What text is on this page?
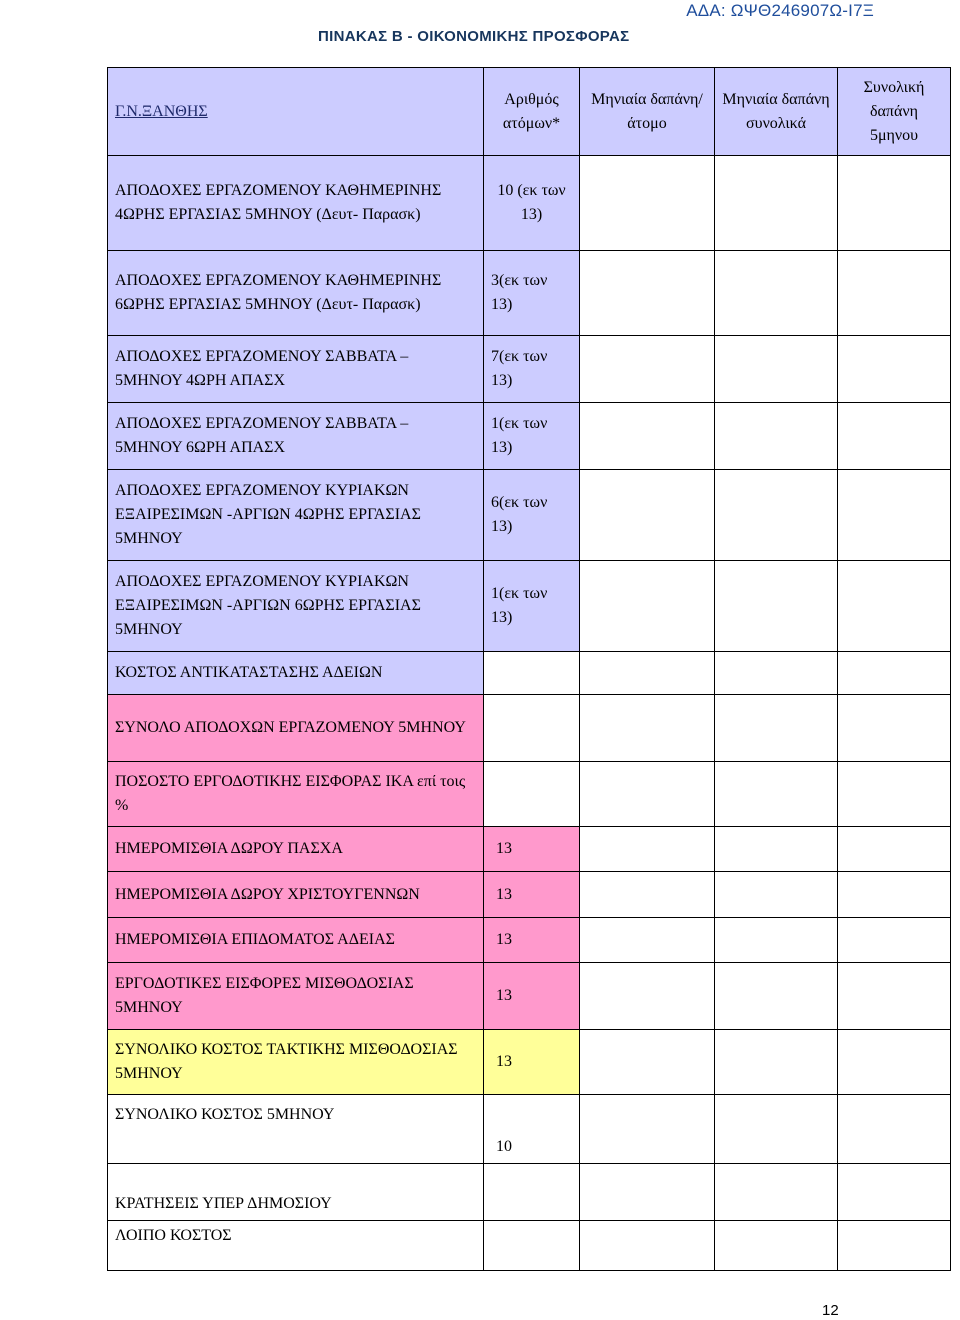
ΑΔΑ: ΩΨΘ246907Ω-Ι7Ξ
ΠΙΝΑΚΑΣ Β - ΟΙΚΟΝΟΜΙΚΗΣ ΠΡΟΣΦΟΡΑΣ
Γ.Ν.ΞΑΝΘΗΣ	Αριθμός ατόμων*	Μηνιαία δαπάνη/άτομο	Μηνιαία δαπάνη συνολικά	Συνολική δαπάνη 5μηνου
ΑΠΟΔΟΧΕΣ ΕΡΓΑΖΟΜΕΝΟΥ ΚΑΘΗΜΕΡΙΝΗΣ 4ΩΡΗΣ ΕΡΓΑΣΙΑΣ 5ΜΗΝΟΥ (Δευτ- Παρασκ)	10 (εκ των 13)			
ΑΠΟΔΟΧΕΣ ΕΡΓΑΖΟΜΕΝΟΥ ΚΑΘΗΜΕΡΙΝΗΣ 6ΩΡΗΣ ΕΡΓΑΣΙΑΣ 5ΜΗΝΟΥ (Δευτ- Παρασκ)	3(εκ των 13)			
ΑΠΟΔΟΧΕΣ ΕΡΓΑΖΟΜΕΝΟΥ ΣΑΒΒΑΤΑ – 5ΜΗΝΟΥ 4ΩΡΗ ΑΠΑΣΧ	7(εκ των 13)			
ΑΠΟΔΟΧΕΣ ΕΡΓΑΖΟΜΕΝΟΥ ΣΑΒΒΑΤΑ – 5ΜΗΝΟΥ 6ΩΡΗ ΑΠΑΣΧ	1(εκ των 13)			
ΑΠΟΔΟΧΕΣ ΕΡΓΑΖΟΜΕΝΟΥ ΚΥΡΙΑΚΩΝ ΕΞΑΙΡΕΣΙΜΩΝ -ΑΡΓΙΩΝ 4ΩΡΗΣ ΕΡΓΑΣΙΑΣ 5ΜΗΝΟΥ	6(εκ των 13)			
ΑΠΟΔΟΧΕΣ ΕΡΓΑΖΟΜΕΝΟΥ ΚΥΡΙΑΚΩΝ ΕΞΑΙΡΕΣΙΜΩΝ -ΑΡΓΙΩΝ 6ΩΡΗΣ ΕΡΓΑΣΙΑΣ 5ΜΗΝΟΥ	1(εκ των 13)			
ΚΟΣΤΟΣ ΑΝΤΙΚΑΤΑΣΤΑΣΗΣ ΑΔΕΙΩΝ				
ΣΥΝΟΛΟ ΑΠΟΔΟΧΩΝ ΕΡΓΑΖΟΜΕΝΟΥ 5ΜΗΝΟΥ				
ΠΟΣΟΣΤΟ ΕΡΓΟΔΟΤΙΚΗΣ ΕΙΣΦΟΡΑΣ ΙΚΑ επί τοις %				
ΗΜΕΡΟΜΙΣΘΙΑ ΔΩΡΟΥ ΠΑΣΧΑ	13			
ΗΜΕΡΟΜΙΣΘΙΑ ΔΩΡΟΥ ΧΡΙΣΤΟΥΓΕΝΝΩΝ	13			
ΗΜΕΡΟΜΙΣΘΙΑ ΕΠΙΔΟΜΑΤΟΣ ΑΔΕΙΑΣ	13			
ΕΡΓΟΔΟΤΙΚΕΣ ΕΙΣΦΟΡΕΣ ΜΙΣΘΟΔΟΣΙΑΣ 5ΜΗΝΟΥ	13			
ΣΥΝΟΛΙΚΟ ΚΟΣΤΟΣ ΤΑΚΤΙΚΗΣ ΜΙΣΘΟΔΟΣΙΑΣ 5ΜΗΝΟΥ	13			
ΣΥΝΟΛΙΚΟ ΚΟΣΤΟΣ 5ΜΗΝΟΥ	10			
ΚΡΑΤΗΣΕΙΣ ΥΠΕΡ ΔΗΜΟΣΙΟΥ				
ΛΟΙΠΟ ΚΟΣΤΟΣ				
12
